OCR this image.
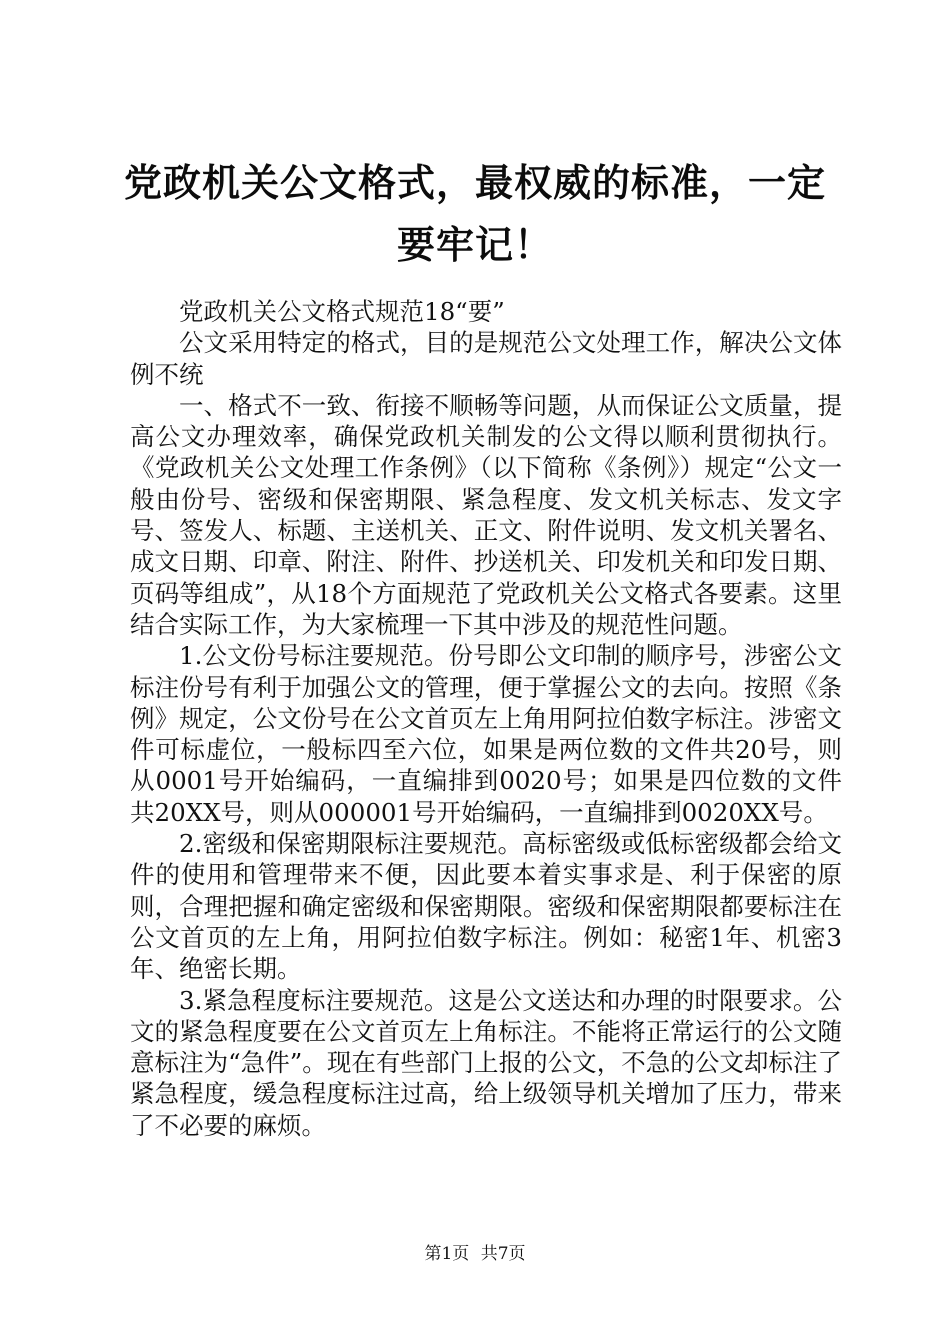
党政机关公文格式，最权威的标准，一定要牢记！

党政机关公文格式规范18“要”

公文采用特定的格式，目的是规范公文处理工作，解决公文体例不统

一、格式不一致、衔接不顺畅等问题，从而保证公文质量，提高公文办理效率，确保党政机关制发的公文得以顺利贯彻执行。《党政机关公文处理工作条例》（以下简称《条例》）规定“公文一般由份号、密级和保密期限、紧急程度、发文机关标志、发文字号、签发人、标题、主送机关、正文、附件说明、发文机关署名、成文日期、印章、附注、附件、抄送机关、印发机关和印发日期、页码等组成”，从18个方面规范了党政机关公文格式各要素。这里结合实际工作，为大家梳理一下其中涉及的规范性问题。

1.公文份号标注要规范。份号即公文印制的顺序号，涉密公文标注份号有利于加强公文的管理，便于掌握公文的去向。按照《条例》规定，公文份号在公文首页左上角用阿拉伯数字标注。涉密文件可标虚位，一般标四至六位，如果是两位数的文件共20号，则从0001号开始编码，一直编排到0020号；如果是四位数的文件共20XX号，则从000001号开始编码，一直编排到0020XX号。

2.密级和保密期限标注要规范。高标密级或低标密级都会给文件的使用和管理带来不便，因此要本着实事求是、利于保密的原则，合理把握和确定密级和保密期限。密级和保密期限都要标注在公文首页的左上角，用阿拉伯数字标注。例如：秘密1年、机密3年、绝密长期。

3.紧急程度标注要规范。这是公文送达和办理的时限要求。公文的紧急程度要在公文首页左上角标注。不能将正常运行的公文随意标注为“急件”。现在有些部门上报的公文，不急的公文却标注了紧急程度，缓急程度标注过高，给上级领导机关增加了压力，带来了不必要的麻烦。

第1页 共7页
